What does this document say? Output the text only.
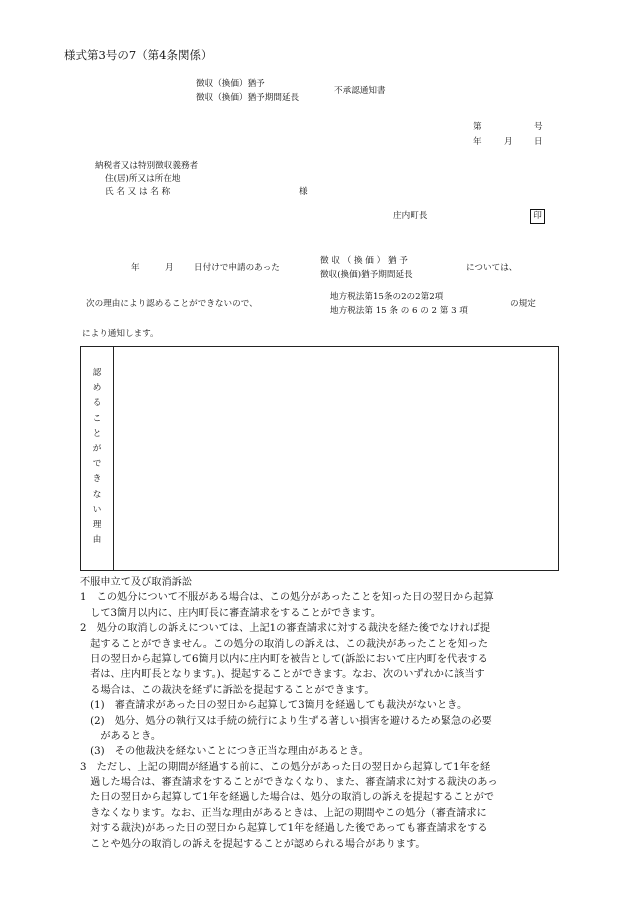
様式第3号の7（第4条関係）
徴収（換価）猶予
徴収（換価）猶予期間延長
不承認通知書
第	号
年	月 日
納税者又は特別徴収義務者
住(居)所又は所在地
氏 名 又 は 名 称	様
庄内町長	印
年	月 日付けで申請のあった
徴 収 （ 換 価 ） 猶 予
徴収(換価)猶予期間延長
については、
次の理由により認めることができないので、
地方税法第15条の2の2第2項
地方税法第 15 条 の 6 の 2 第 3 項
の規定
により通知します。
認
め
る
こ
と
が
で
き
な
い
理
由
不服申立て及び取消訴訟
1　この処分について不服がある場合は、この処分があったことを知った日の翌日から起算
　して3箇月以内に、庄内町長に審査請求をすることができます。
2　処分の取消しの訴えについては、上記1の審査請求に対する裁決を経た後でなければ提
　起することができません。この処分の取消しの訴えは、この裁決があったことを知った
　日の翌日から起算して6箇月以内に庄内町を被告として(訴訟において庄内町を代表する
　者は、庄内町長となります。)、提起することができます。なお、次のいずれかに該当す
　る場合は、この裁決を経ずに訴訟を提起することができます。
　(1)　審査請求があった日の翌日から起算して3箇月を経過しても裁決がないとき。
　(2)　処分、処分の執行又は手続の続行により生ずる著しい損害を避けるため緊急の必要
　　があるとき。
　(3)　その他裁決を経ないことにつき正当な理由があるとき。
3　ただし、上記の期間が経過する前に、この処分があった日の翌日から起算して1年を経
　過した場合は、審査請求をすることができなくなり、また、審査請求に対する裁決のあっ
　た日の翌日から起算して1年を経過した場合は、処分の取消しの訴えを提起することがで
　きなくなります。なお、正当な理由があるときは、上記の期間やこの処分（審査請求に
　対する裁決)があった日の翌日から起算して1年を経過した後であっても審査請求をする
　ことや処分の取消しの訴えを提起することが認められる場合があります。
